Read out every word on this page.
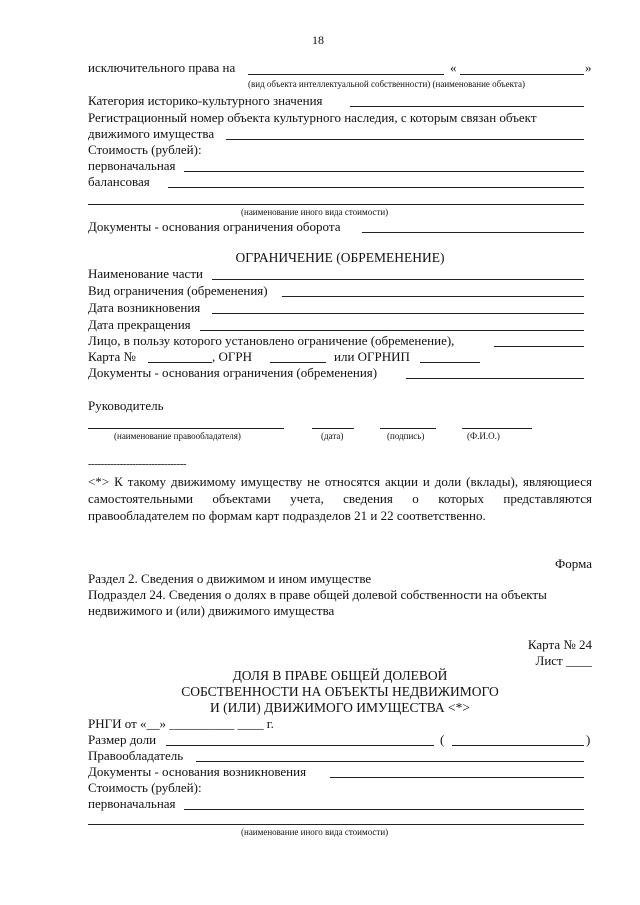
18
исключительного права на	«	»
(вид объекта интеллектуальной собственности) (наименование объекта)
Категория историко-культурного значения
Регистрационный номер объекта культурного наследия, с которым связан объект
движимого имущества
Стоимость (рублей):
первоначальная
балансовая
(наименование иного вида стоимости)
Документы - основания ограничения оборота
ОГРАНИЧЕНИЕ (ОБРЕМЕНЕНИЕ)
Наименование части
Вид ограничения (обременения)
Дата возникновения
Дата прекращения
Лицо, в пользу которого установлено ограничение (обременение),
Карта №	, ОГРН	или ОГРНИП
Документы - основания ограничения (обременения)
Руководитель
(наименование правообладателя)	(дата)	(подпись)	(Ф.И.О.)
-------------------------------
<*> К такому движимому имуществу не относятся акции и доли (вклады), являющиеся самостоятельными объектами учета, сведения о которых представляются правообладателем по формам карт подразделов 21 и 22 соответственно.
Форма
Раздел 2. Сведения о движимом и ином имуществе
Подраздел 24. Сведения о долях в праве общей долевой собственности на объекты
недвижимого и (или) движимого имущества
Карта № 24
Лист ____
ДОЛЯ В ПРАВЕ ОБЩЕЙ ДОЛЕВОЙ
СОБСТВЕННОСТИ НА ОБЪЕКТЫ НЕДВИЖИМОГО
И (ИЛИ) ДВИЖИМОГО ИМУЩЕСТВА <*>
РНГИ от «__» __________ ____ г.
Размер доли	(	)
Правообладатель
Документы - основания возникновения
Стоимость (рублей):
первоначальная
(наименование иного вида стоимости)
